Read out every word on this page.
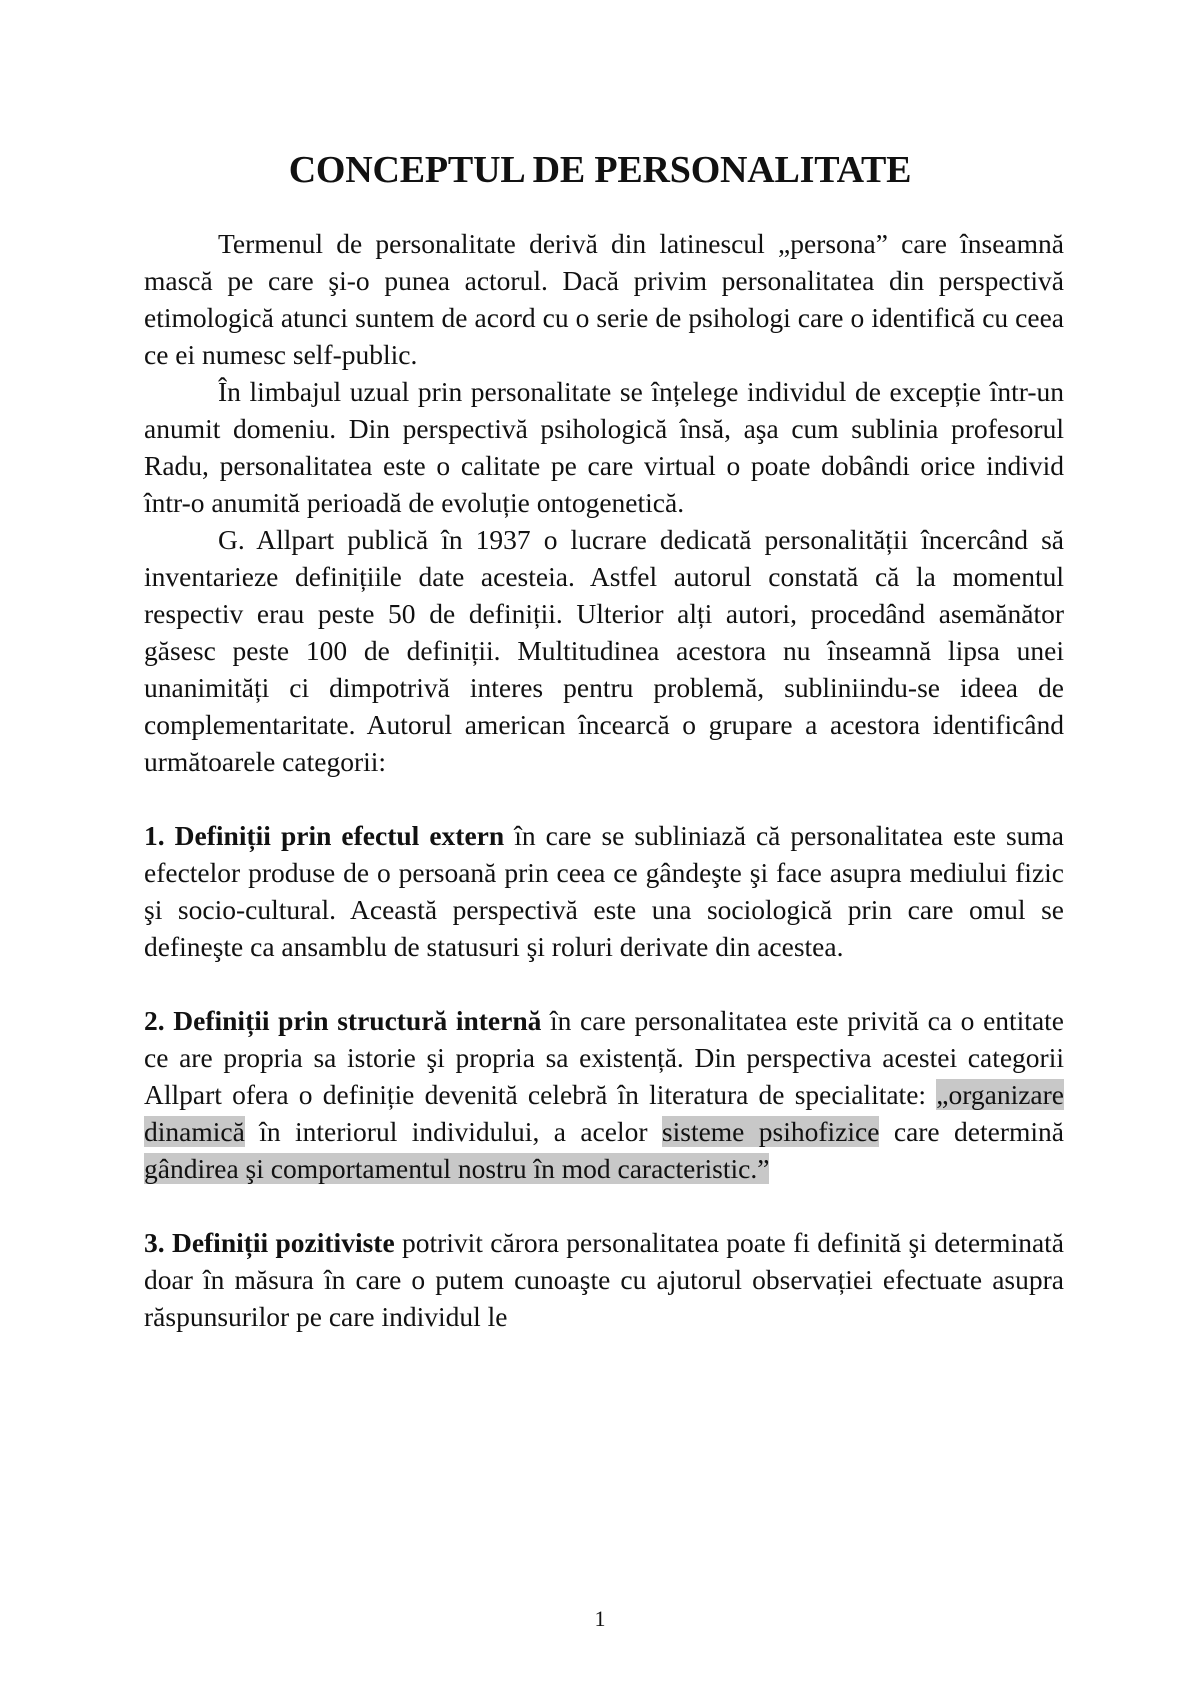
CONCEPTUL DE PERSONALITATE

Termenul de personalitate derivă din latinescul „persona” care înseamnă mască pe care şi-o punea actorul. Dacă privim personalitatea din perspectivă etimologică atunci suntem de acord cu o serie de psihologi care o identifică cu ceea ce ei numesc self-public.

În limbajul uzual prin personalitate se înțelege individul de excepție într-un anumit domeniu. Din perspectivă psihologică însă, aşa cum sublinia profesorul Radu, personalitatea este o calitate pe care virtual o poate dobândi orice individ într-o anumită perioadă de evoluție ontogenetică.

G. Allpart publică în 1937 o lucrare dedicată personalității încercând să inventarieze definițiile date acesteia. Astfel autorul constată că la momentul respectiv erau peste 50 de definiții. Ulterior alți autori, procedând asemănător găsesc peste 100 de definiții. Multitudinea acestora nu înseamnă lipsa unei unanimități ci dimpotrivă interes pentru problemă, subliniindu-se ideea de complementaritate. Autorul american încearcă o grupare a acestora identificând următoarele categorii:

1. Definiții prin efectul extern în care se subliniază că personalitatea este suma efectelor produse de o persoană prin ceea ce gândeşte şi face asupra mediului fizic şi socio-cultural. Această perspectivă este una sociologică prin care omul se defineşte ca ansamblu de statusuri şi roluri derivate din acestea.

2. Definiții prin structură internă în care personalitatea este privită ca o entitate ce are propria sa istorie şi propria sa existență. Din perspectiva acestei categorii Allpart ofera o definiție devenită celebră în literatura de specialitate: „organizare dinamică în interiorul individului, a acelor sisteme psihofizice care determină gândirea şi comportamentul nostru în mod caracteristic.”

3. Definiții pozitiviste potrivit cărora personalitatea poate fi definită şi determinată doar în măsura în care o putem cunoaşte cu ajutorul observației efectuate asupra răspunsurilor pe care individul le

1
